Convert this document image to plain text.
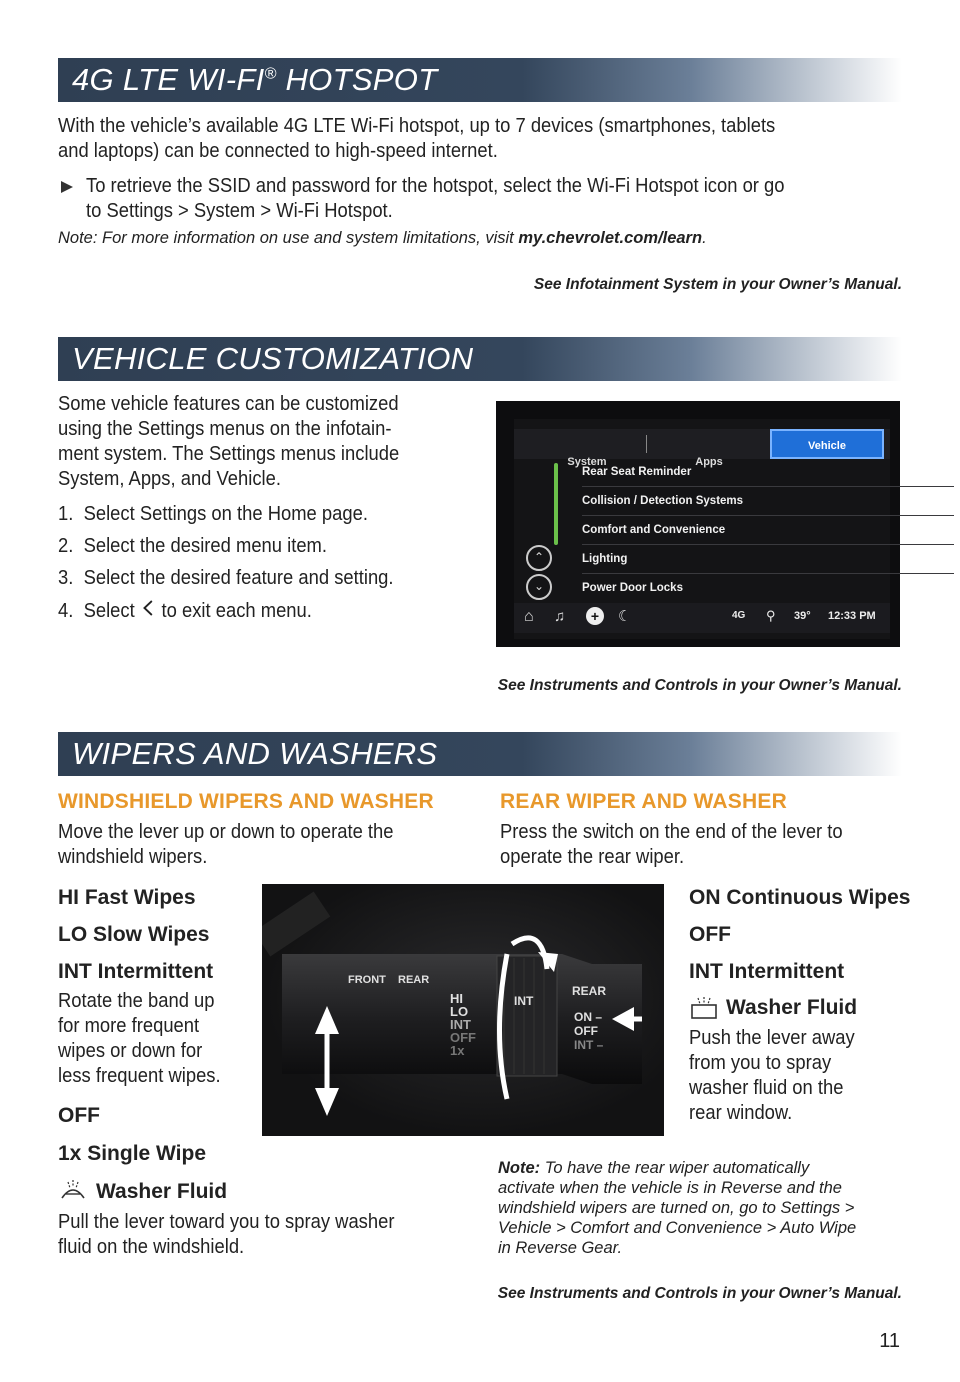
4G LTE WI-FI® HOTSPOT
With the vehicle’s available 4G LTE Wi-Fi hotspot, up to 7 devices (smartphones, tablets
and laptops) can be connected to high-speed internet.
To retrieve the SSID and password for the hotspot, select the Wi-Fi Hotspot icon or go
to Settings > System > Wi-Fi Hotspot.
Note: For more information on use and system limitations, visit my.chevrolet.com/learn.
See Infotainment System in your Owner’s Manual.
VEHICLE CUSTOMIZATION
Some vehicle features can be customized
using the Settings menus on the infotain-
ment system. The Settings menus include
System, Apps, and Vehicle.
1. Select Settings on the Home page.
2. Select the desired menu item.
3. Select the desired feature and setting.
4. Select to exit each menu.
System	Apps
Vehicle
Rear Seat Reminder
Collision / Detection Systems
Comfort and Convenience
Lighting
Power Door Locks
⌃
⌄
⌂ ♫	+	☾	4G ⚲ 39° 12:33 PM
See Instruments and Controls in your Owner’s Manual.
WIPERS AND WASHERS
WINDSHIELD WIPERS AND WASHER
Move the lever up or down to operate the
windshield wipers.
HI Fast Wipes
LO Slow Wipes
INT Intermittent
Rotate the band up
for more frequent
wipes or down for
less frequent wipes.
OFF
1x Single Wipe
Washer Fluid
Pull the lever toward you to spray washer
fluid on the windshield.
REAR WIPER AND WASHER
Press the switch on the end of the lever to
operate the rear wiper.
ON Continuous Wipes
OFF
INT Intermittent
Washer Fluid
Push the lever away
from you to spray
washer fluid on the
rear window.
FRONT REAR
HI
LO
INT
OFF
1x
INT
REAR
ON –
OFF
INT –
Note: To have the rear wiper automatically
activate when the vehicle is in Reverse and the
windshield wipers are turned on, go to Settings >
Vehicle > Comfort and Convenience > Auto Wipe
in Reverse Gear.
See Instruments and Controls in your Owner’s Manual.
11
